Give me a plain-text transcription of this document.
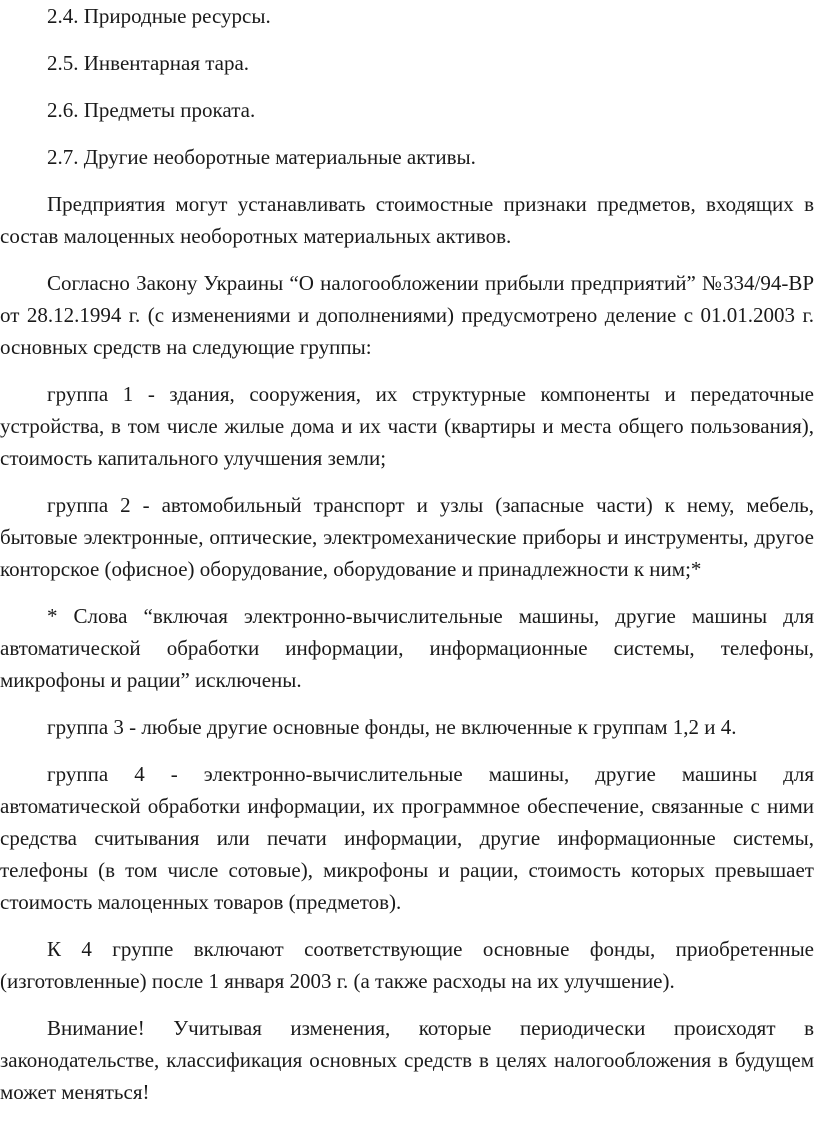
2.4. Природные ресурсы.

2.5. Инвентарная тара.

2.6. Предметы проката.

2.7. Другие необоротные материальные активы.

Предприятия могут устанавливать стоимостные признаки предметов, входящих в состав малоценных необоротных материальных активов.

Согласно Закону Украины “О налогообложении прибыли предприятий” №334/94-ВР от 28.12.1994 г. (с изменениями и дополнениями) предусмотрено деление с 01.01.2003 г. основных средств на следующие группы:

группа 1 - здания, сооружения, их структурные компоненты и передаточные устройства, в том числе жилые дома и их части (квартиры и места общего пользования), стоимость капитального улучшения земли;

группа 2 - автомобильный транспорт и узлы (запасные части) к нему, мебель, бытовые электронные, оптические, электромеханические приборы и инструменты, другое конторское (офисное) оборудование, оборудование и принадлежности к ним;*

* Слова “включая электронно-вычислительные машины, другие машины для автоматической обработки информации, информационные системы, телефоны, микрофоны и рации” исключены.

группа 3 - любые другие основные фонды, не включенные к группам 1,2 и 4.

группа 4 - электронно-вычислительные машины, другие машины для автоматической обработки информации, их программное обеспечение, связанные с ними средства считывания или печати информации, другие информационные системы, телефоны (в том числе сотовые), микрофоны и рации, стоимость которых превышает стоимость малоценных товаров (предметов).

К 4 группе включают соответствующие основные фонды, приобретенные (изготовленные) после 1 января 2003 г. (а также расходы на их улучшение).

Внимание! Учитывая изменения, которые периодически происходят в законодательстве, классификация основных средств в целях налогообложения в будущем может меняться!
